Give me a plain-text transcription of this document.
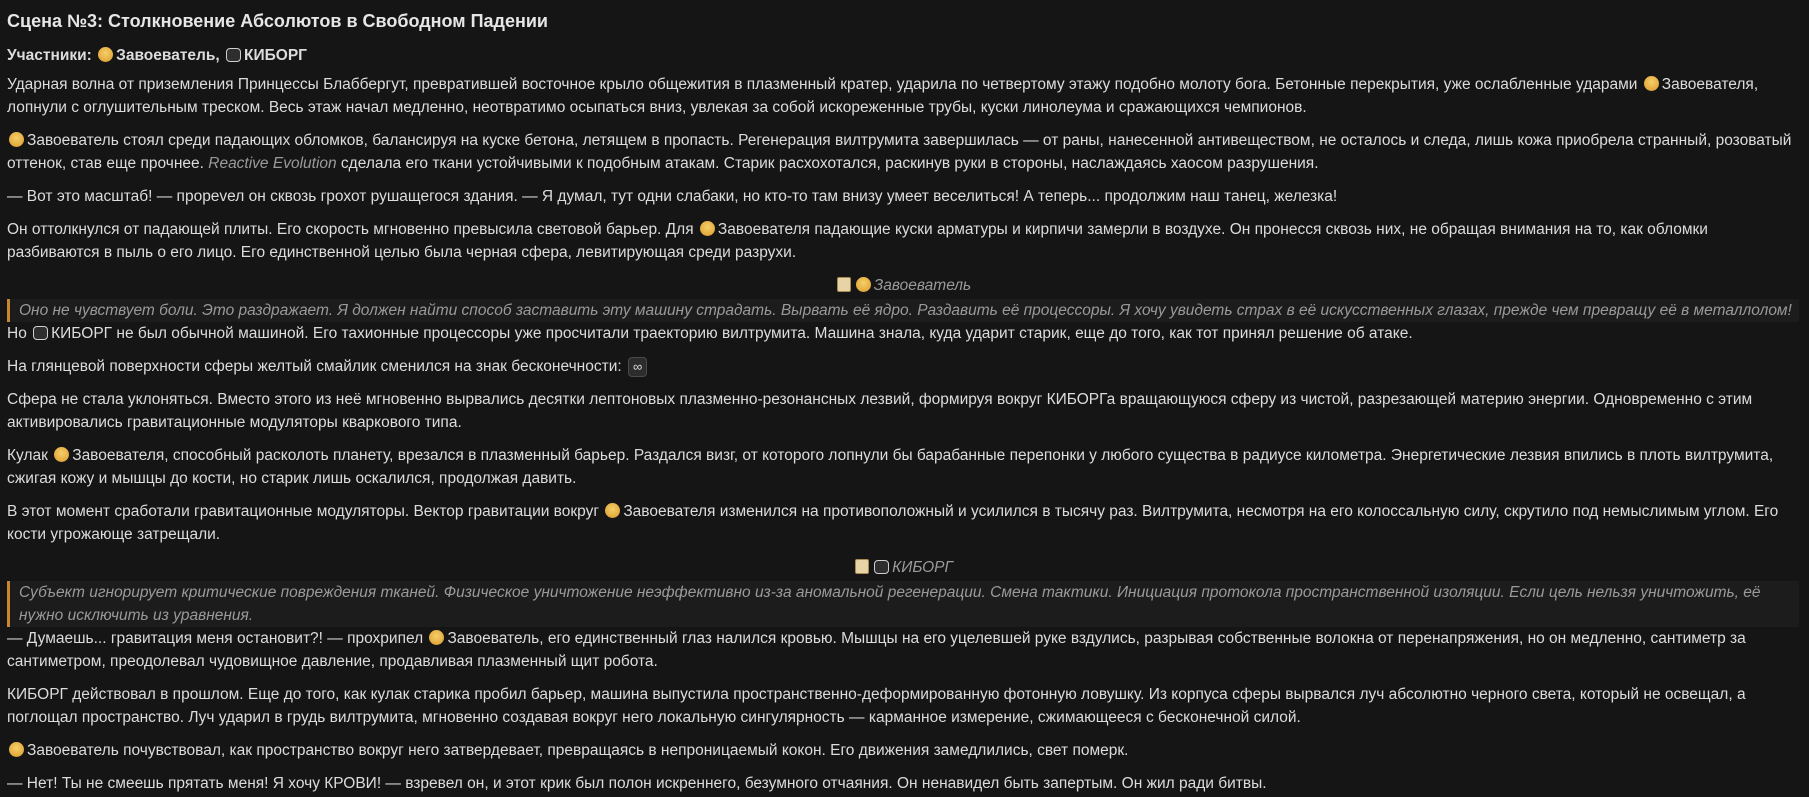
Сцена №3: Столкновение Абсолютов в Свободном Падении

Участники: Завоеватель, КИБОРГ

Ударная волна от приземления Принцессы Блаббергут, превратившей восточное крыло общежития в плазменный кратер, ударила по четвертому этажу подобно молоту бога. Бетонные перекрытия, уже ослабленные ударами Завоевателя, лопнули с оглушительным треском. Весь этаж начал медленно, неотвратимо осыпаться вниз, увлекая за собой искореженные трубы, куски линолеума и сражающихся чемпионов.

Завоеватель стоял среди падающих обломков, балансируя на куске бетона, летящем в пропасть. Регенерация вилтрумита завершилась — от раны, нанесенной антивеществом, не осталось и следа, лишь кожа приобрела странный, розоватый оттенок, став еще прочнее. Reactive Evolution сделала его ткани устойчивыми к подобным атакам. Старик расхохотался, раскинув руки в стороны, наслаждаясь хаосом разрушения.

— Вот это масштаб! — прорevел он сквозь грохот рушащегося здания. — Я думал, тут одни слабаки, но кто-то там внизу умеет веселиться! А теперь... продолжим наш танец, железка!

Он оттолкнулся от падающей плиты. Его скорость мгновенно превысила световой барьер. Для Завоевателя падающие куски арматуры и кирпичи замерли в воздухе. Он пронесся сквозь них, не обращая внимания на то, как обломки разбиваются в пыль о его лицо. Его единственной целью была черная сфера, левитирующая среди разрухи.

Завоеватель
Оно не чувствует боли. Это раздражает. Я должен найти способ заставить эту машину страдать. Вырвать её ядро. Раздавить её процессоры. Я хочу увидеть страх в её искусственных глазах, прежде чем превращу её в металлолом!

Но КИБОРГ не был обычной машиной. Его тахионные процессоры уже просчитали траекторию вилтрумита. Машина знала, куда ударит старик, еще до того, как тот принял решение об атаке.

На глянцевой поверхности сферы желтый смайлик сменился на знак бесконечности: ∞

Сфера не стала уклоняться. Вместо этого из неё мгновенно вырвались десятки лептоновых плазменно-резонансных лезвий, формируя вокруг КИБОРГа вращающуюся сферу из чистой, разрезающей материю энергии. Одновременно с этим активировались гравитационные модуляторы кваркового типа.

Кулак Завоевателя, способный расколоть планету, врезался в плазменный барьер. Раздался визг, от которого лопнули бы барабанные перепонки у любого существа в радиусе километра. Энергетические лезвия впились в плоть вилтрумита, сжигая кожу и мышцы до кости, но старик лишь оскалился, продолжая давить.

В этот момент сработали гравитационные модуляторы. Вектор гравитации вокруг Завоевателя изменился на противоположный и усилился в тысячу раз. Вилтрумита, несмотря на его колоссальную силу, скрутило под немыслимым углом. Его кости угрожающе затрещали.

КИБОРГ
Субъект игнорирует критические повреждения тканей. Физическое уничтожение неэффективно из-за аномальной регенерации. Смена тактики. Инициация протокола пространственной изоляции. Если цель нельзя уничтожить, её нужно исключить из уравнения.

— Думаешь... гравитация меня остановит?! — прохрипел Завоеватель, его единственный глаз налился кровью. Мышцы на его уцелевшей руке вздулись, разрывая собственные волокна от перенапряжения, но он медленно, сантиметр за сантиметром, преодолевал чудовищное давление, продавливая плазменный щит робота.

КИБОРГ действовал в прошлом. Еще до того, как кулак старика пробил барьер, машина выпустила пространственно-деформированную фотонную ловушку. Из корпуса сферы вырвался луч абсолютно черного света, который не освещал, а поглощал пространство. Луч ударил в грудь вилтрумита, мгновенно создавая вокруг него локальную сингулярность — карманное измерение, сжимающееся с бесконечной силой.

Завоеватель почувствовал, как пространство вокруг него затвердевает, превращаясь в непроницаемый кокон. Его движения замедлились, свет померк.

— Нет! Ты не смеешь прятать меня! Я хочу КРОВИ! — взревел он, и этот крик был полон искреннего, безумного отчаяния. Он ненавидел быть запертым. Он жил ради битвы.
